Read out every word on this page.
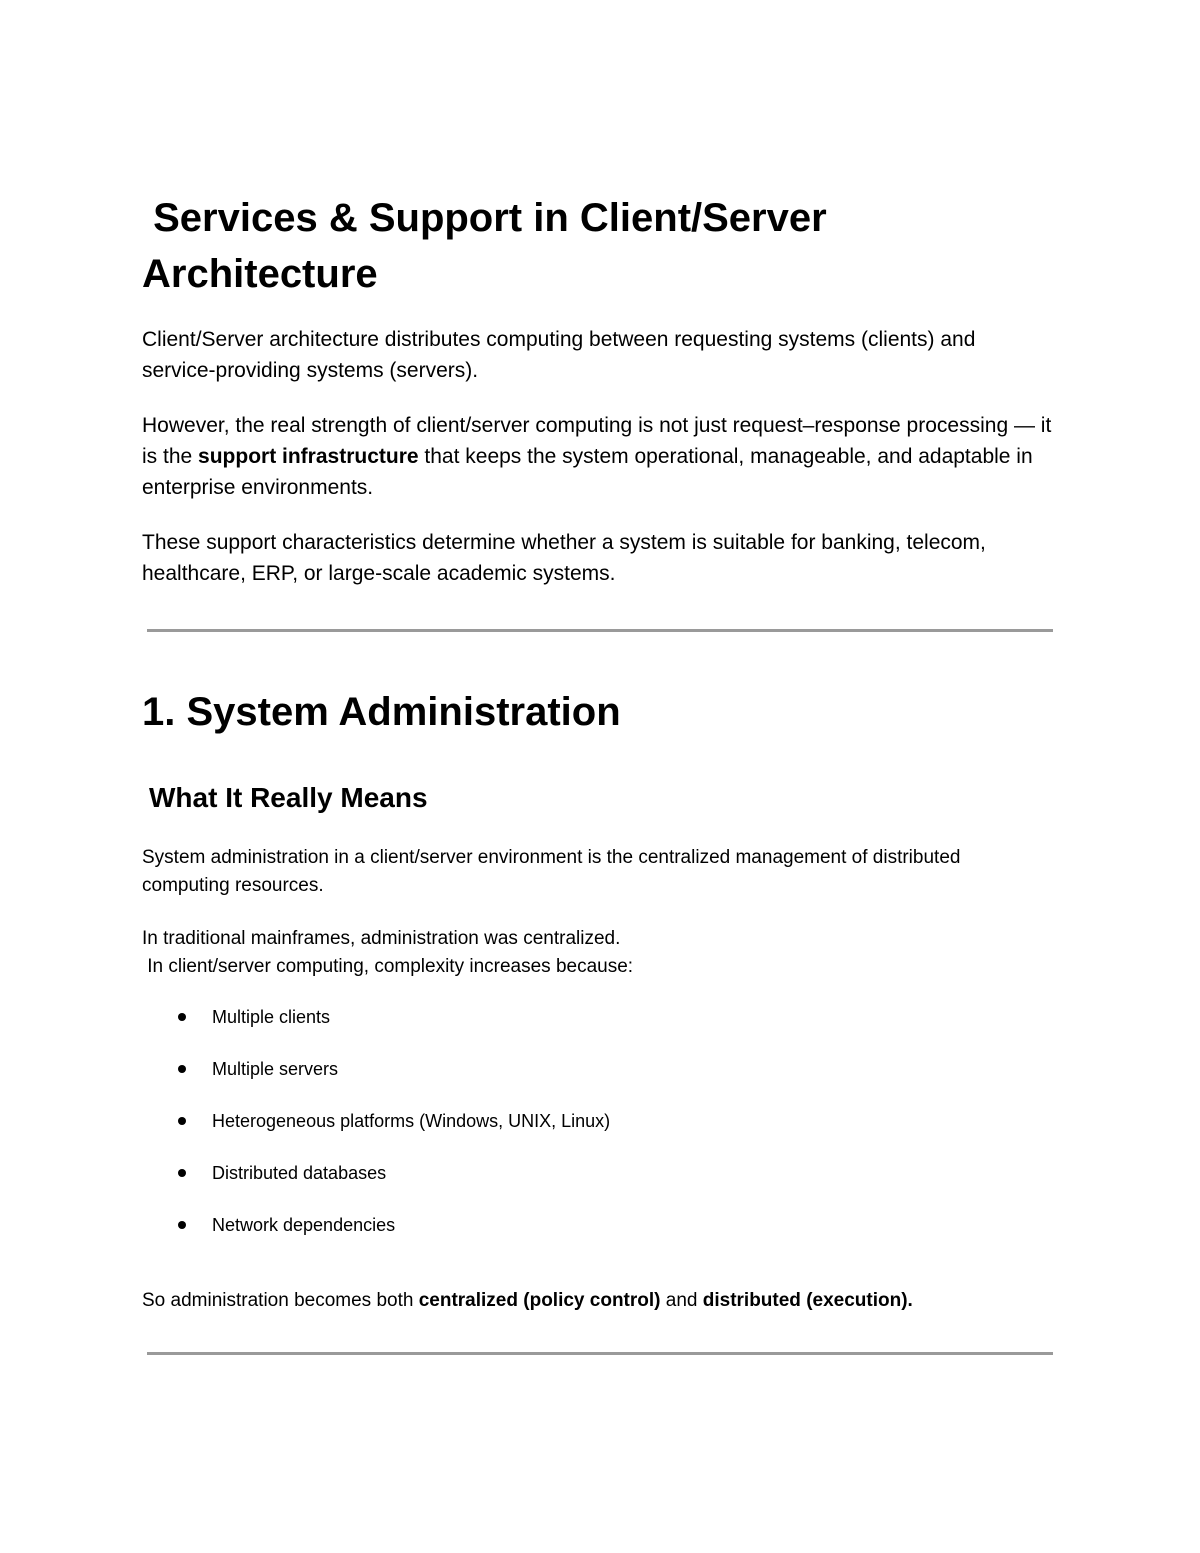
Services & Support in Client/Server Architecture

Client/Server architecture distributes computing between requesting systems (clients) and service-providing systems (servers).

However, the real strength of client/server computing is not just request–response processing — it is the support infrastructure that keeps the system operational, manageable, and adaptable in enterprise environments.

These support characteristics determine whether a system is suitable for banking, telecom, healthcare, ERP, or large-scale academic systems.

1. System Administration
What It Really Means

System administration in a client/server environment is the centralized management of distributed computing resources.

In traditional mainframes, administration was centralized.
In client/server computing, complexity increases because:

Multiple clients
Multiple servers
Heterogeneous platforms (Windows, UNIX, Linux)
Distributed databases
Network dependencies

So administration becomes both centralized (policy control) and distributed (execution).
